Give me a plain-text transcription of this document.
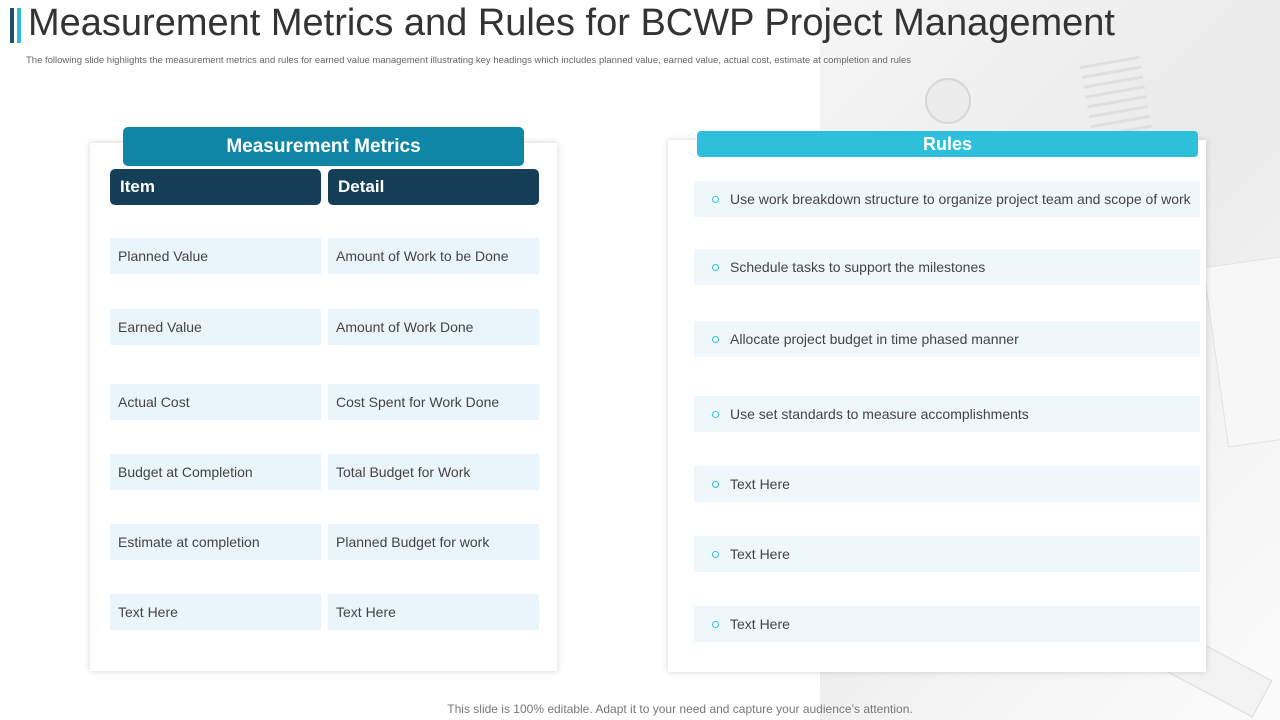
Measurement Metrics and Rules for BCWP Project Management

The following slide highlights the measurement metrics and rules for earned value management illustrating key headings which includes planned value, earned value, actual cost, estimate at completion and rules

Measurement Metrics	Rules
Item	Detail
Planned Value	Amount of Work to be Done
Earned Value	Amount of Work Done
Actual Cost	Cost Spent for Work Done
Budget at Completion	Total Budget for Work
Estimate at completion	Planned Budget for work
Text Here	Text Here
Use work breakdown structure to organize project team and scope of work
Schedule tasks to support the milestones
Allocate project budget in time phased manner
Use set standards to measure accomplishments
Text Here
Text Here
Text Here

This slide is 100% editable. Adapt it to your need and capture your audience’s attention.
